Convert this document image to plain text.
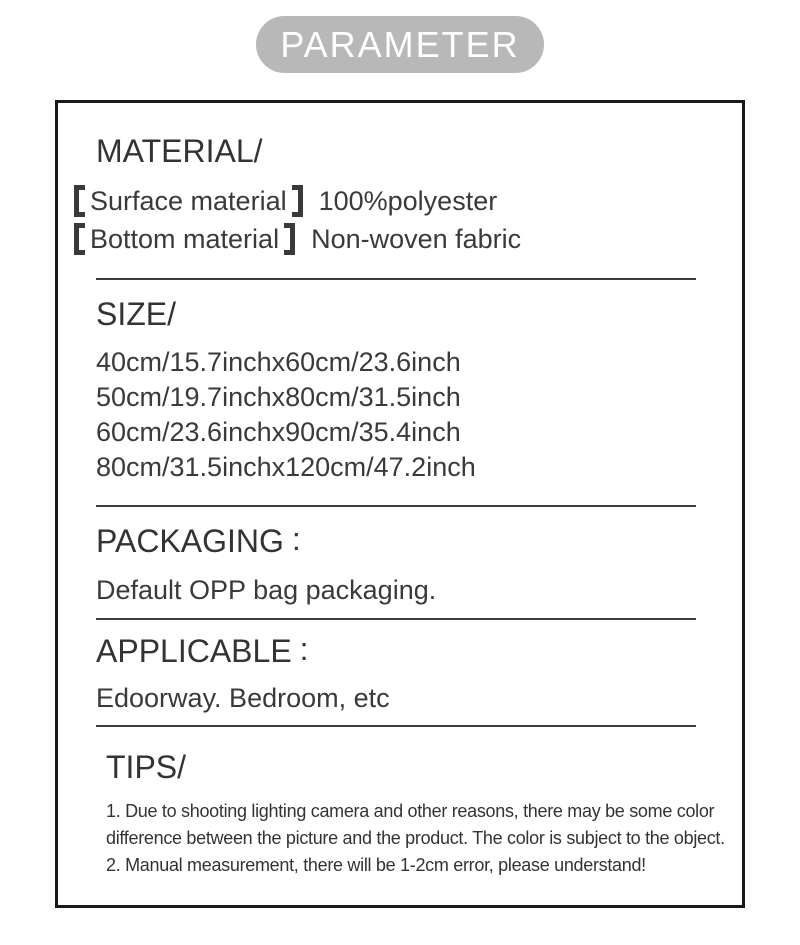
PARAMETER
MATERIAL/
Surface material 100%polyester
Bottom material Non-woven fabric
SIZE/
40cm/15.7inchx60cm/23.6inch
50cm/19.7inchx80cm/31.5inch
60cm/23.6inchx90cm/35.4inch
80cm/31.5inchx120cm/47.2inch
PACKAGING :
Default OPP bag packaging.
APPLICABLE :
Edoorway. Bedroom, etc
TIPS/
1. Due to shooting lighting camera and other reasons, there may be some color
difference between the picture and the product. The color is subject to the object.
2. Manual measurement, there will be 1-2cm error, please understand!
